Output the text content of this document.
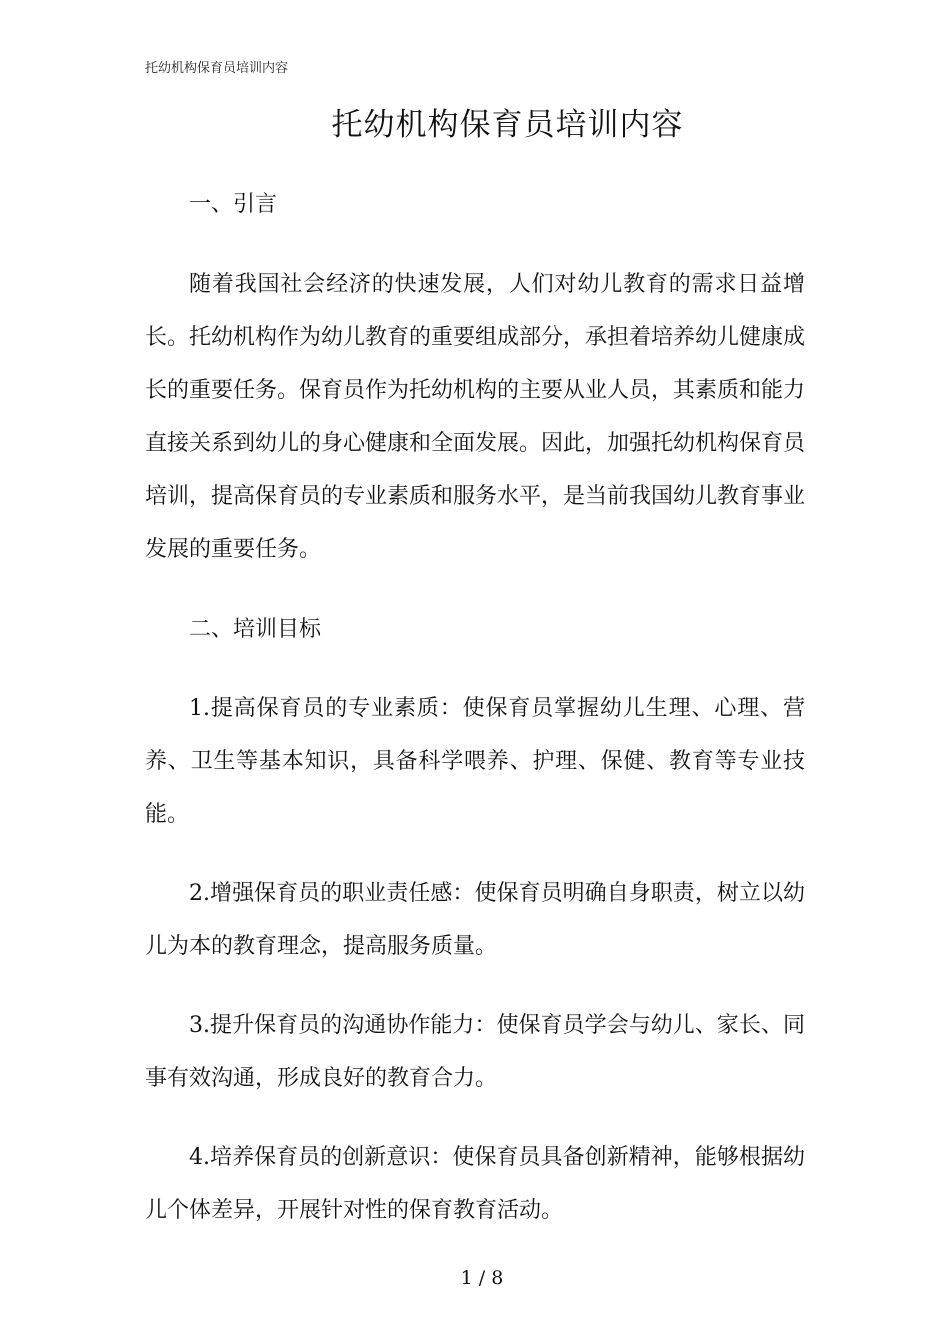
托幼机构保育员培训内容
托幼机构保育员培训内容

一、引言

随着我国社会经济的快速发展，人们对幼儿教育的需求日益增长。托幼机构作为幼儿教育的重要组成部分，承担着培养幼儿健康成长的重要任务。保育员作为托幼机构的主要从业人员，其素质和能力直接关系到幼儿的身心健康和全面发展。因此，加强托幼机构保育员培训，提高保育员的专业素质和服务水平，是当前我国幼儿教育事业发展的重要任务。

二、培训目标

1.提高保育员的专业素质：使保育员掌握幼儿生理、心理、营养、卫生等基本知识，具备科学喂养、护理、保健、教育等专业技能。

2.增强保育员的职业责任感：使保育员明确自身职责，树立以幼儿为本的教育理念，提高服务质量。

3.提升保育员的沟通协作能力：使保育员学会与幼儿、家长、同事有效沟通，形成良好的教育合力。

4.培养保育员的创新意识：使保育员具备创新精神，能够根据幼儿个体差异，开展针对性的保育教育活动。

1 / 8
